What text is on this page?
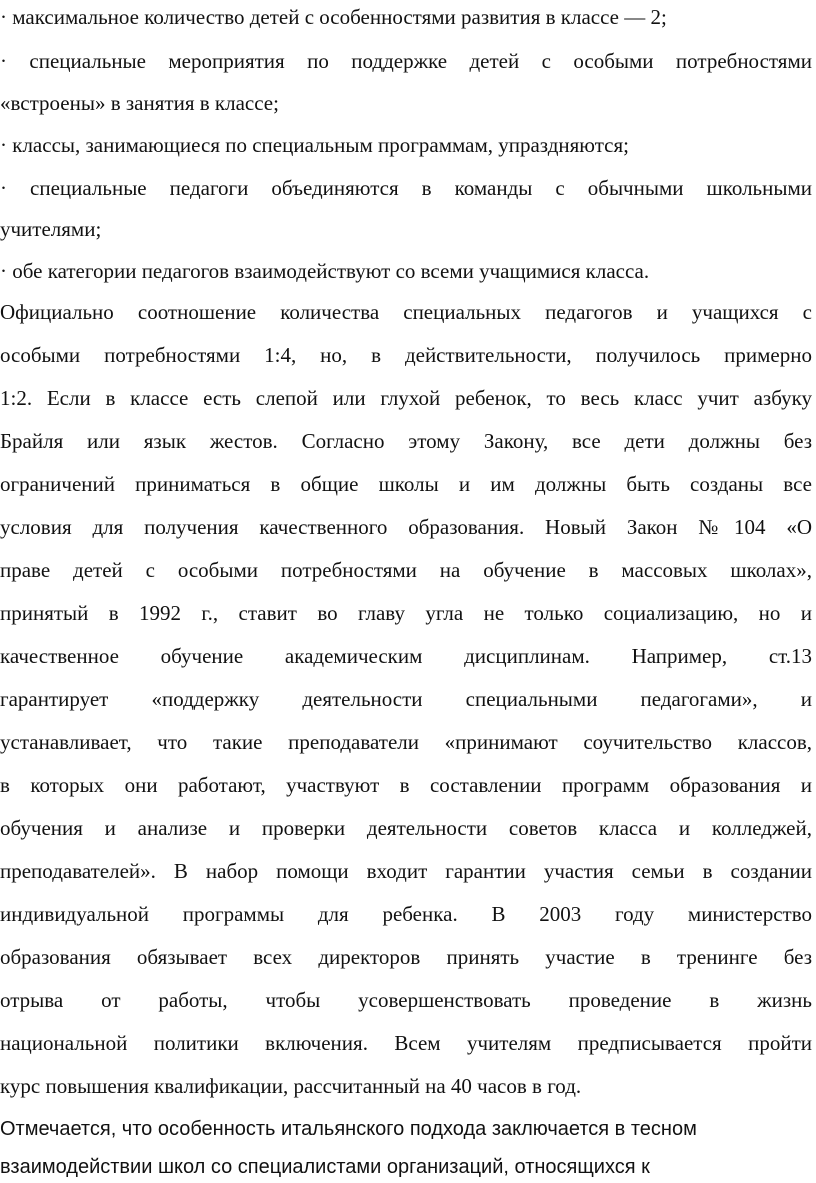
· максимальное количество детей с особенностями развития в классе — 2;
· специальные мероприятия по поддержке детей с особыми потребностями
«встроены» в занятия в классе;
· классы, занимающиеся по специальным программам, упраздняются;
· специальные педагоги объединяются в команды с обычными школьными
учителями;
· обе категории педагогов взаимодействуют со всеми учащимися класса.
Официально соотношение количества специальных педагогов и учащихся с
особыми потребностями 1:4, но, в действительности, получилось примерно
1:2. Если в классе есть слепой или глухой ребенок, то весь класс учит азбуку
Брайля или язык жестов. Согласно этому Закону, все дети должны без
ограничений приниматься в общие школы и им должны быть созданы все
условия для получения качественного образования. Новый Закон №104 «О
праве детей с особыми потребностями на обучение в массовых школах»,
принятый в 1992 г., ставит во главу угла не только социализацию, но и
качественное обучение академическим дисциплинам. Например, ст.13
гарантирует «поддержку деятельности специальными педагогами», и
устанавливает, что такие преподаватели «принимают соучительство классов,
в которых они работают, участвуют в составлении программ образования и
обучения и анализе и проверки деятельности советов класса и колледжей,
преподавателей». В набор помощи входит гарантии участия семьи в создании
индивидуальной программы для ребенка. В 2003 году министерство
образования обязывает всех директоров принять участие в тренинге без
отрыва от работы, чтобы усовершенствовать проведение в жизнь
национальной политики включения. Всем учителям предписывается пройти
курс повышения квалификации, рассчитанный на 40 часов в год.
Отмечается, что особенность итальянского подхода заключается в тесном
взаимодействии школ со специалистами организаций, относящихся к
